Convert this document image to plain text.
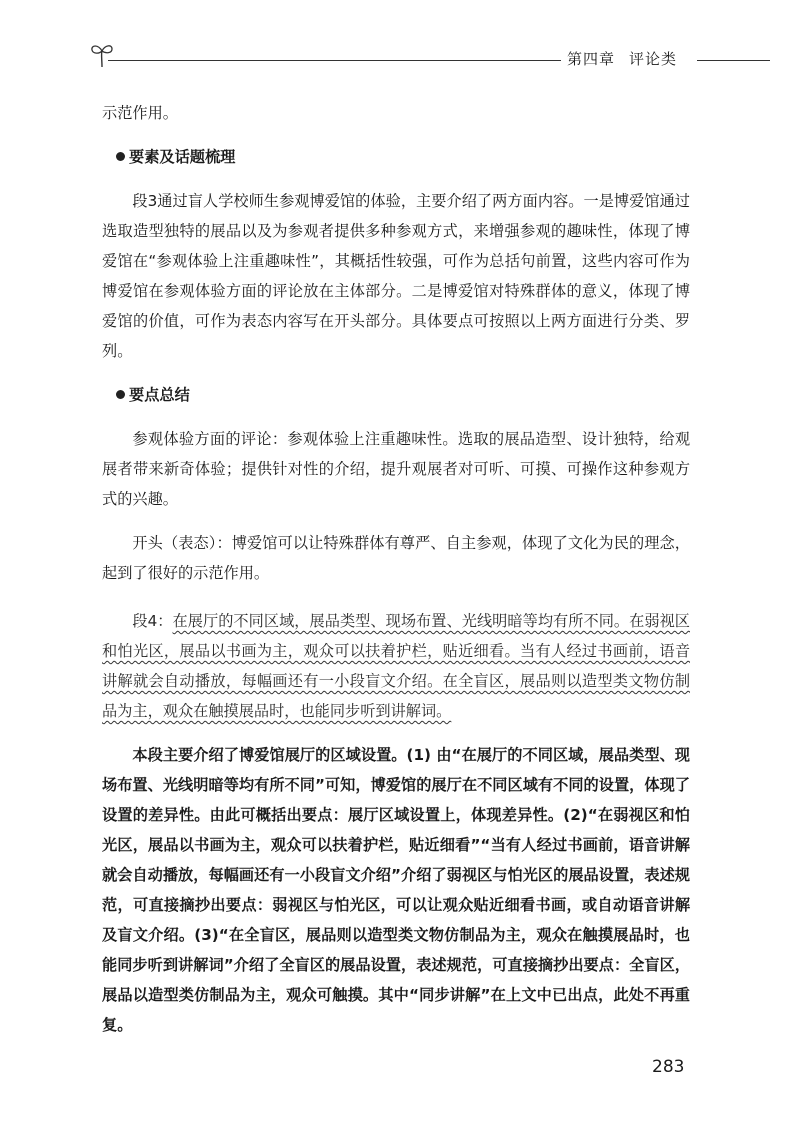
第四章 评论类

示范作用。

要素及话题梳理

段3通过盲人学校师生参观博爱馆的体验，主要介绍了两方面内容。一是博爱馆通过选取造型独特的展品以及为参观者提供多种参观方式，来增强参观的趣味性，体现了博爱馆在“参观体验上注重趣味性”，其概括性较强，可作为总括句前置，这些内容可作为博爱馆在参观体验方面的评论放在主体部分。二是博爱馆对特殊群体的意义，体现了博爱馆的价值，可作为表态内容写在开头部分。具体要点可按照以上两方面进行分类、罗列。

要点总结

参观体验方面的评论：参观体验上注重趣味性。选取的展品造型、设计独特，给观展者带来新奇体验；提供针对性的介绍，提升观展者对可听、可摸、可操作这种参观方式的兴趣。

开头（表态）：博爱馆可以让特殊群体有尊严、自主参观，体现了文化为民的理念，起到了很好的示范作用。

段4：在展厅的不同区域，展品类型、现场布置、光线明暗等均有所不同。在弱视区和怕光区，展品以书画为主，观众可以扶着护栏，贴近细看。当有人经过书画前，语音讲解就会自动播放，每幅画还有一小段盲文介绍。在全盲区，展品则以造型类文物仿制品为主，观众在触摸展品时，也能同步听到讲解词。

本段主要介绍了博爱馆展厅的区域设置。(1) 由“在展厅的不同区域，展品类型、现场布置、光线明暗等均有所不同”可知，博爱馆的展厅在不同区域有不同的设置，体现了设置的差异性。由此可概括出要点：展厅区域设置上，体现差异性。(2)“在弱视区和怕光区，展品以书画为主，观众可以扶着护栏，贴近细看”“当有人经过书画前，语音讲解就会自动播放，每幅画还有一小段盲文介绍”介绍了弱视区与怕光区的展品设置，表述规范，可直接摘抄出要点：弱视区与怕光区，可以让观众贴近细看书画，或自动语音讲解及盲文介绍。(3)“在全盲区，展品则以造型类文物仿制品为主，观众在触摸展品时，也能同步听到讲解词”介绍了全盲区的展品设置，表述规范，可直接摘抄出要点：全盲区，展品以造型类仿制品为主，观众可触摸。其中“同步讲解”在上文中已出点，此处不再重复。

283
